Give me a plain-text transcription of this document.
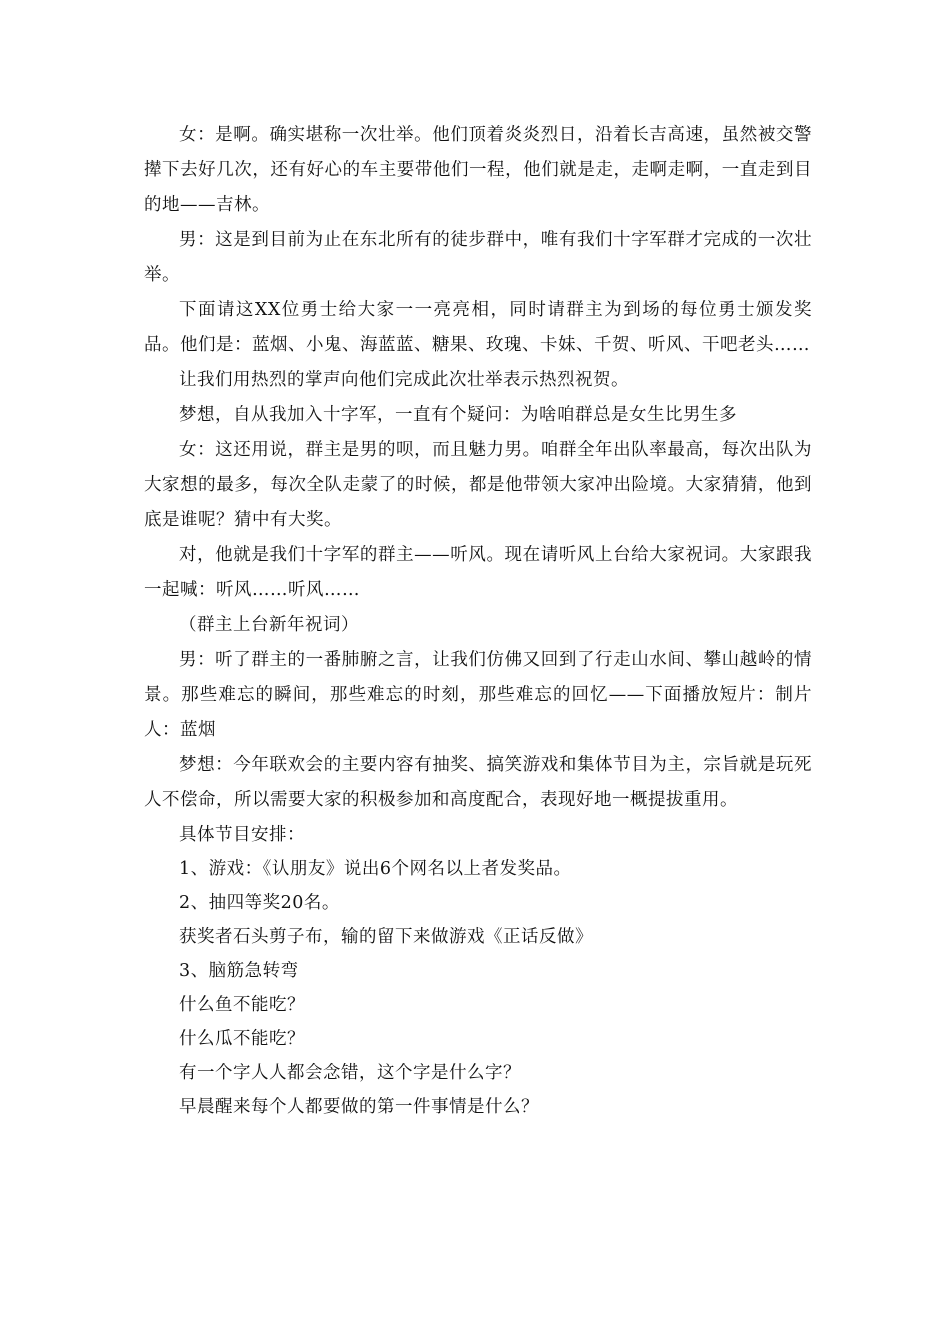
女：是啊。确实堪称一次壮举。他们顶着炎炎烈日，沿着长吉高速，虽然被交警撵下去好几次，还有好心的车主要带他们一程，他们就是走，走啊走啊，一直走到目的地——吉林。

男：这是到目前为止在东北所有的徒步群中，唯有我们十字军群才完成的一次壮举。

下面请这XX位勇士给大家一一亮亮相，同时请群主为到场的每位勇士颁发奖品。他们是：蓝烟、小鬼、海蓝蓝、糖果、玫瑰、卡妹、千贺、听风、干吧老头……

让我们用热烈的掌声向他们完成此次壮举表示热烈祝贺。

梦想，自从我加入十字军，一直有个疑问：为啥咱群总是女生比男生多

女：这还用说，群主是男的呗，而且魅力男。咱群全年出队率最高，每次出队为大家想的最多，每次全队走蒙了的时候，都是他带领大家冲出险境。大家猜猜，他到底是谁呢？猜中有大奖。

对，他就是我们十字军的群主——听风。现在请听风上台给大家祝词。大家跟我一起喊：听风……听风……

（群主上台新年祝词）

男：听了群主的一番肺腑之言，让我们仿佛又回到了行走山水间、攀山越岭的情景。那些难忘的瞬间，那些难忘的时刻，那些难忘的回忆——下面播放短片：制片人：蓝烟

梦想：今年联欢会的主要内容有抽奖、搞笑游戏和集体节目为主，宗旨就是玩死人不偿命，所以需要大家的积极参加和高度配合，表现好地一概提拔重用。

具体节目安排：

1、游戏：《认朋友》说出6个网名以上者发奖品。

2、抽四等奖20名。

获奖者石头剪子布，输的留下来做游戏《正话反做》

3、脑筋急转弯

什么鱼不能吃？

什么瓜不能吃？

有一个字人人都会念错，这个字是什么字？

早晨醒来每个人都要做的第一件事情是什么？
